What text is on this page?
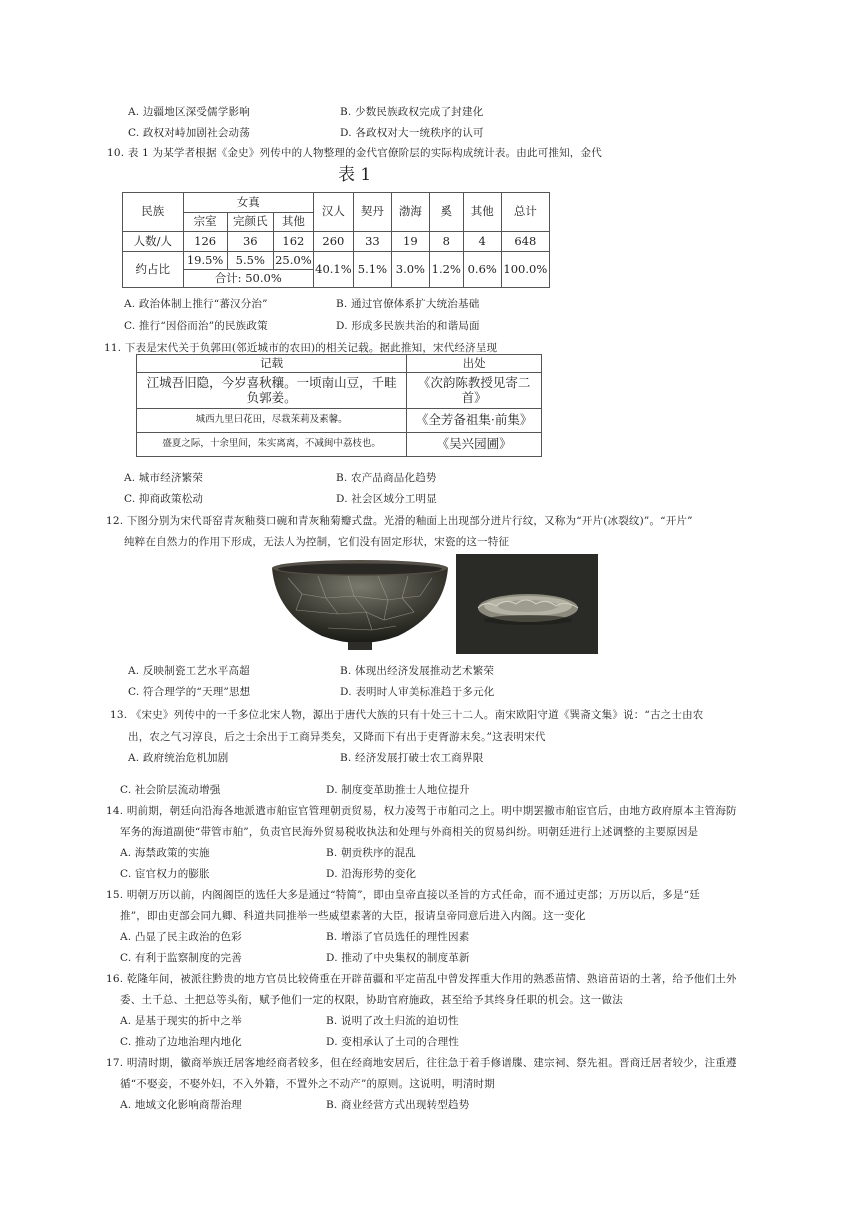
A. 边疆地区深受儒学影响	B. 少数民族政权完成了封建化
C. 政权对峙加剧社会动荡	D. 各政权对大一统秩序的认可
10. 表 1 为某学者根据《金史》列传中的人物整理的金代官僚阶层的实际构成统计表。由此可推知，金代
表 1
民族	女真			汉人	契丹	渤海	奚	其他	总计
	宗室	完颜氏	其他						
人数/人	126	36	162	260	33	19	8	4	648
约占比	19.5%	5.5%	25.0%	40.1%	5.1%	3.0%	1.2%	0.6%	100.0%
	合计: 50.0%								
A. 政治体制上推行“蕃汉分治”	B. 通过官僚体系扩大统治基础
C. 推行“因俗而治”的民族政策	D. 形成多民族共治的和谐局面
11. 下表是宋代关于负郭田(邻近城市的农田)的相关记载。据此推知，宋代经济呈现
记载	出处
江城吾旧隐，今岁喜秋穰。一顷南山豆，千畦负郭姜。	《次韵陈教授见寄二首》
城西九里曰花田，尽栽茉莉及素馨。	《全芳备祖集·前集》
盛夏之际，十余里间，朱实离离，不减闽中荔枝也。	《吴兴园圃》
A. 城市经济繁荣	B. 农产品商品化趋势
C. 抑商政策松动	D. 社会区域分工明显
12. 下图分别为宋代哥窑青灰釉葵口碗和青灰釉菊瓣式盘。光滑的釉面上出现部分迸片行纹，又称为“开片(冰裂纹)”。“开片”
纯粹在自然力的作用下形成，无法人为控制，它们没有固定形状，宋瓷的这一特征
A. 反映制瓷工艺水平高超	B. 体现出经济发展推动艺术繁荣
C. 符合理学的“天理”思想	D. 表明时人审美标准趋于多元化
13. 《宋史》列传中的一千多位北宋人物，源出于唐代大族的只有十处三十二人。南宋欧阳守道《巽斋文集》说：“古之士由农
出，农之气习淳良，后之士余出于工商异类矣，又降而下有出于吏胥游末矣。”这表明宋代
A. 政府统治危机加剧	B. 经济发展打破士农工商界限
C. 社会阶层流动增强	D. 制度变革助推士人地位提升
14. 明前期，朝廷向沿海各地派遣市舶宦官管理朝贡贸易，权力凌驾于市舶司之上。明中期罢撤市舶宦官后，由地方政府原本主管海防
军务的海道副使“带管市舶”，负责官民海外贸易税收执法和处理与外商相关的贸易纠纷。明朝廷进行上述调整的主要原因是
A. 海禁政策的实施	B. 朝贡秩序的混乱
C. 宦官权力的膨胀	D. 沿海形势的变化
15. 明朝万历以前，内阁阁臣的选任大多是通过“特简”，即由皇帝直接以圣旨的方式任命，而不通过吏部；万历以后，多是“廷
推”，即由吏部会同九卿、科道共同推举一些威望素著的大臣，报请皇帝同意后进入内阁。这一变化
A. 凸显了民主政治的色彩	B. 增添了官员选任的理性因素
C. 有利于监察制度的完善	D. 推动了中央集权的制度革新
16. 乾隆年间，被派往黔贵的地方官员比较倚重在开辟苗疆和平定苗乱中曾发挥重大作用的熟悉苗情、熟谙苗语的土著，给予他们土外
委、土千总、土把总等头衔，赋予他们一定的权限，协助官府施政，甚至给予其终身任职的机会。这一做法
A. 是基于现实的折中之举	B. 说明了改土归流的迫切性
C. 推动了边地治理内地化	D. 变相承认了土司的合理性
17. 明清时期，徽商举族迁居客地经商者较多，但在经商地安居后，往往急于着手修谱牒、建宗祠、祭先祖。晋商迁居者较少，注重遵
循“不娶妾，不娶外妇，不入外籍，不置外之不动产”的原则。这说明，明清时期
A. 地域文化影响商帮治理	B. 商业经营方式出现转型趋势
